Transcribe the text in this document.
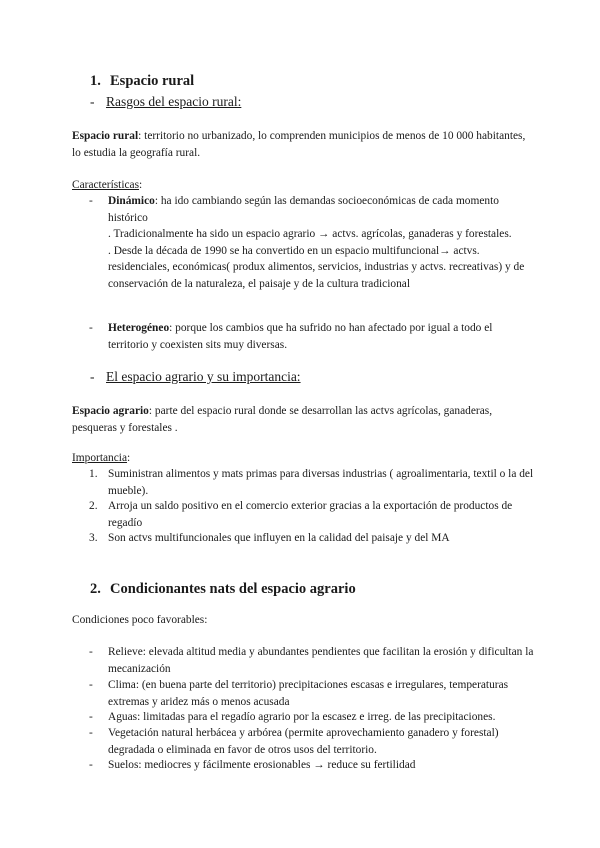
1. Espacio rural
- Rasgos del espacio rural:

Espacio rural: territorio no urbanizado, lo comprenden municipios de menos de 10 000 habitantes, lo estudia la geografía rural.

Características:

- Dinámico: ha ido cambiando según las demandas socioeconómicas de cada momento histórico
. Tradicionalmente ha sido un espacio agrario → actvs. agrícolas, ganaderas y forestales.
. Desde la década de 1990 se ha convertido en un espacio multifuncional→ actvs. residenciales, económicas( produx alimentos, servicios, industrias y actvs. recreativas) y de conservación de la naturaleza, el paisaje y de la cultura tradicional
- Heterogéneo: porque los cambios que ha sufrido no han afectado por igual a todo el territorio y coexisten sits muy diversas.
- El espacio agrario y su importancia:

Espacio agrario: parte del espacio rural donde se desarrollan las actvs agrícolas, ganaderas, pesqueras y forestales .

Importancia:

1. Suministran alimentos y mats primas para diversas industrias ( agroalimentaria, textil o la del mueble).
2. Arroja un saldo positivo en el comercio exterior gracias a la exportación de productos de regadío
3. Son actvs multifuncionales que influyen en la calidad del paisaje y del MA
2. Condicionantes nats del espacio agrario

Condiciones poco favorables:

- Relieve: elevada altitud media y abundantes pendientes que facilitan la erosión y dificultan la mecanización
- Clima: (en buena parte del territorio) precipitaciones escasas e irregulares, temperaturas extremas y aridez más o menos acusada
- Aguas: limitadas para el regadío agrario por la escasez e irreg. de las precipitaciones.
- Vegetación natural herbácea y arbórea (permite aprovechamiento ganadero y forestal) degradada o eliminada en favor de otros usos del territorio.
- Suelos: mediocres y fácilmente erosionables → reduce su fertilidad
